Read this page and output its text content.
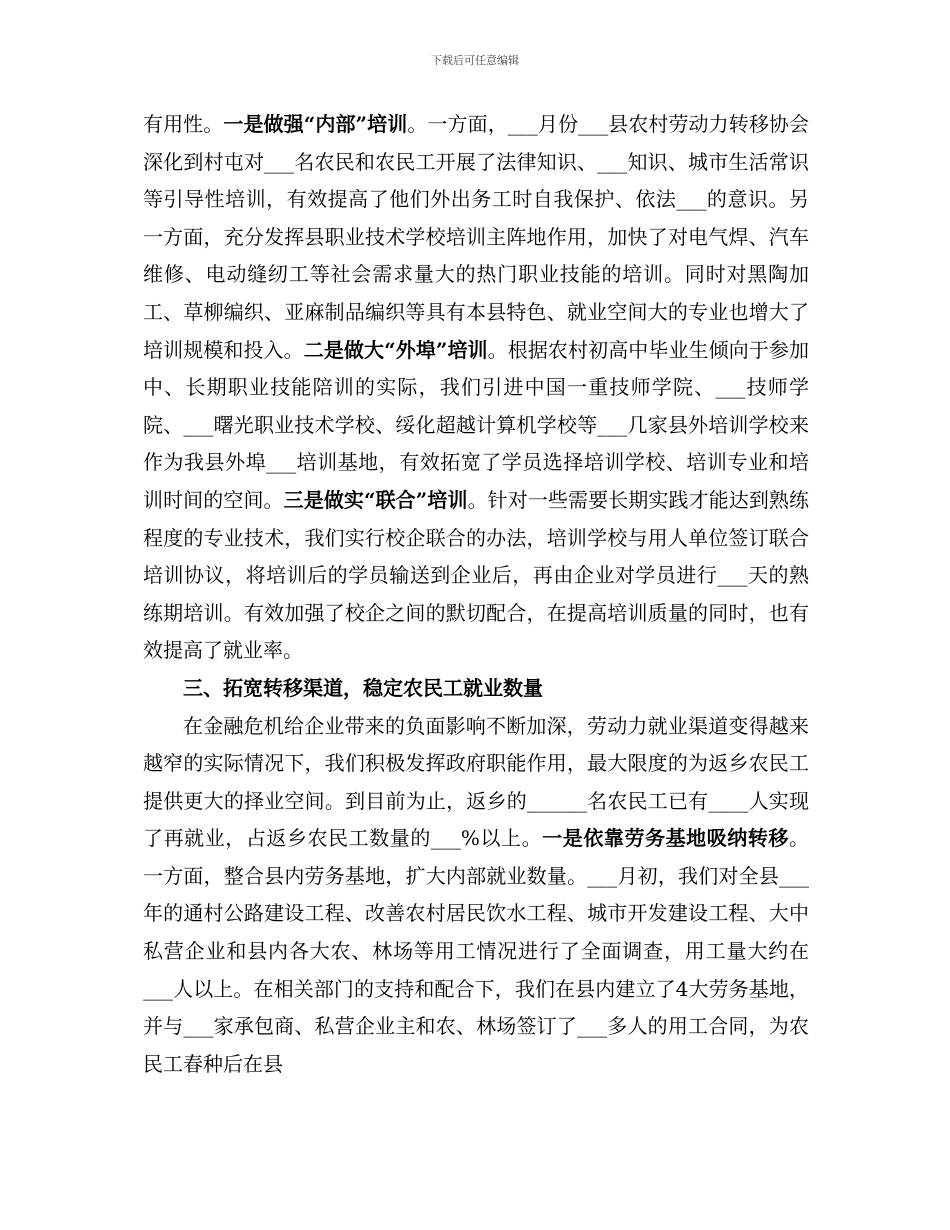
下载后可任意编辑

有用性。一是做强“内部”培训。一方面，___月份___县农村劳动力转移协会深化到村屯对___名农民和农民工开展了法律知识、___知识、城市生活常识等引导性培训，有效提高了他们外出务工时自我保护、依法___的意识。另一方面，充分发挥县职业技术学校培训主阵地作用，加快了对电气焊、汽车维修、电动缝纫工等社会需求量大的热门职业技能的培训。同时对黑陶加工、草柳编织、亚麻制品编织等具有本县特色、就业空间大的专业也增大了培训规模和投入。二是做大“外埠”培训。根据农村初高中毕业生倾向于参加中、长期职业技能陪训的实际，我们引进中国一重技师学院、___技师学院、___曙光职业技术学校、绥化超越计算机学校等___几家县外培训学校来作为我县外埠___培训基地，有效拓宽了学员选择培训学校、培训专业和培训时间的空间。三是做实“联合”培训。针对一些需要长期实践才能达到熟练程度的专业技术，我们实行校企联合的办法，培训学校与用人单位签订联合培训协议，将培训后的学员输送到企业后，再由企业对学员进行___天的熟练期培训。有效加强了校企之间的默切配合，在提高培训质量的同时，也有效提高了就业率。

三、拓宽转移渠道，稳定农民工就业数量

在金融危机给企业带来的负面影响不断加深，劳动力就业渠道变得越来越窄的实际情况下，我们积极发挥政府职能作用，最大限度的为返乡农民工提供更大的择业空间。到目前为止，返乡的______名农民工已有____人实现了再就业，占返乡农民工数量的___%以上。一是依靠劳务基地吸纳转移。一方面，整合县内劳务基地，扩大内部就业数量。___月初，我们对全县___年的通村公路建设工程、改善农村居民饮水工程、城市开发建设工程、大中私营企业和县内各大农、林场等用工情况进行了全面调查，用工量大约在___人以上。在相关部门的支持和配合下，我们在县内建立了4大劳务基地，并与___家承包商、私营企业主和农、林场签订了___多人的用工合同，为农民工春种后在县
